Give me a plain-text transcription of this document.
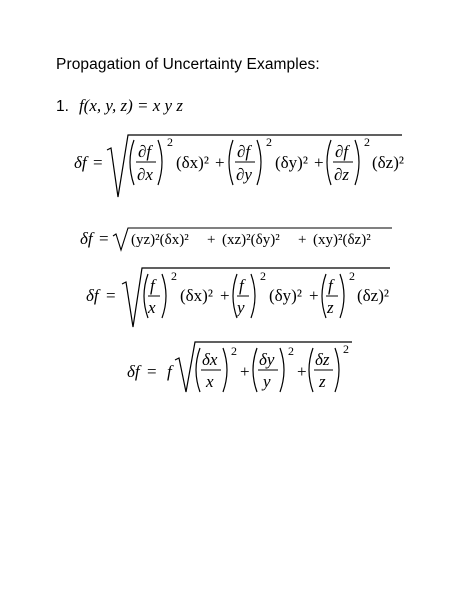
Propagation of Uncertainty Examples:
1. f(x, y, z) = x y z
δf =
∂f
∂x
2
(δx)² +
∂f
∂y
2
(δy)² +
∂f
∂z
2
(δz)²
δf = (yz)²(δx)² + (xz)²(δy)² + (xy)²(δz)²
δf =
f
x
2
(δx)² +
f
y
2
(δy)² +
f
z
2
(δz)²
δf = f
δx
x
2
+
δy
y
2
+
δz
z
2
